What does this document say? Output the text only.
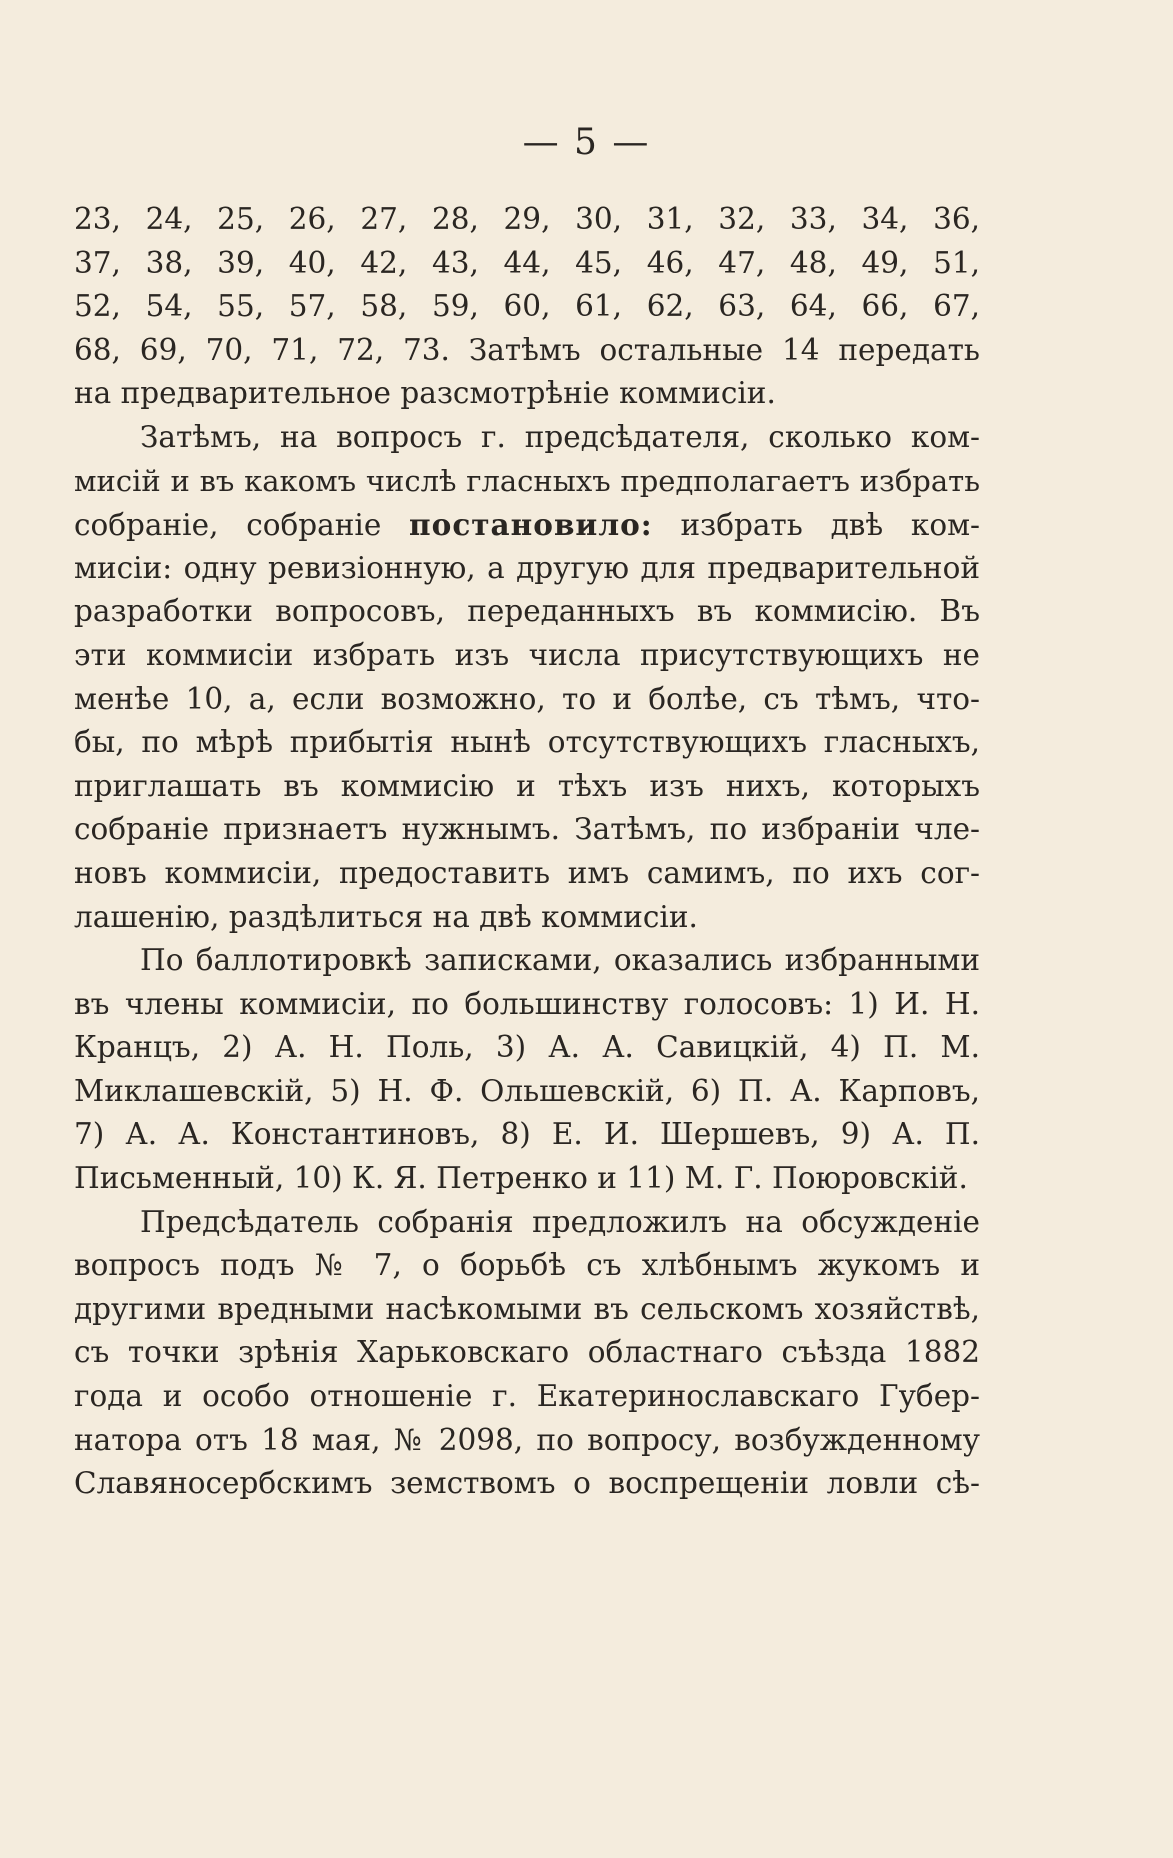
— 5 —
23, 24, 25, 26, 27, 28, 29, 30, 31, 32, 33, 34, 36,
37, 38, 39, 40, 42, 43, 44, 45, 46, 47, 48, 49, 51,
52, 54, 55, 57, 58, 59, 60, 61, 62, 63, 64, 66, 67,
68, 69, 70, 71, 72, 73. Затѣмъ остальные 14 передать
на предварительное разсмотрѣніе коммисіи.
Затѣмъ, на вопросъ г. предсѣдателя, сколько ком-
мисій и въ какомъ числѣ гласныхъ предполагаетъ избрать
собраніе, собраніе постановило: избрать двѣ ком-
мисіи: одну ревизіонную, а другую для предварительной
разработки вопросовъ, переданныхъ въ коммисію. Въ
эти коммисіи избрать изъ числа присутствующихъ не
менѣе 10, а, если возможно, то и болѣе, съ тѣмъ, что-
бы, по мѣрѣ прибытія нынѣ отсутствующихъ гласныхъ,
приглашать въ коммисію и тѣхъ изъ нихъ, которыхъ
собраніе признаетъ нужнымъ. Затѣмъ, по избраніи чле-
новъ коммисіи, предоставить имъ самимъ, по ихъ сог-
лашенію, раздѣлиться на двѣ коммисіи.
По баллотировкѣ записками, оказались избранными
въ члены коммисіи, по большинству голосовъ: 1) И. Н.
Кранцъ, 2) А. Н. Поль, 3) А. А. Савицкій, 4) П. М.
Миклашевскій, 5) Н. Ф. Ольшевскій, 6) П. А. Карповъ,
7) А. А. Константиновъ, 8) Е. И. Шершевъ, 9) А. П.
Письменный, 10) К. Я. Петренко и 11) М. Г. Поюровскій.
Предсѣдатель собранія предложилъ на обсужденіе
вопросъ подъ № 7, о борьбѣ съ хлѣбнымъ жукомъ и
другими вредными насѣкомыми въ сельскомъ хозяйствѣ,
съ точки зрѣнія Харьковскаго областнаго съѣзда 1882
года и особо отношеніе г. Екатеринославскаго Губер-
натора отъ 18 мая, № 2098, по вопросу, возбужденному
Славяносербскимъ земствомъ о воспрещеніи ловли сѣ-
